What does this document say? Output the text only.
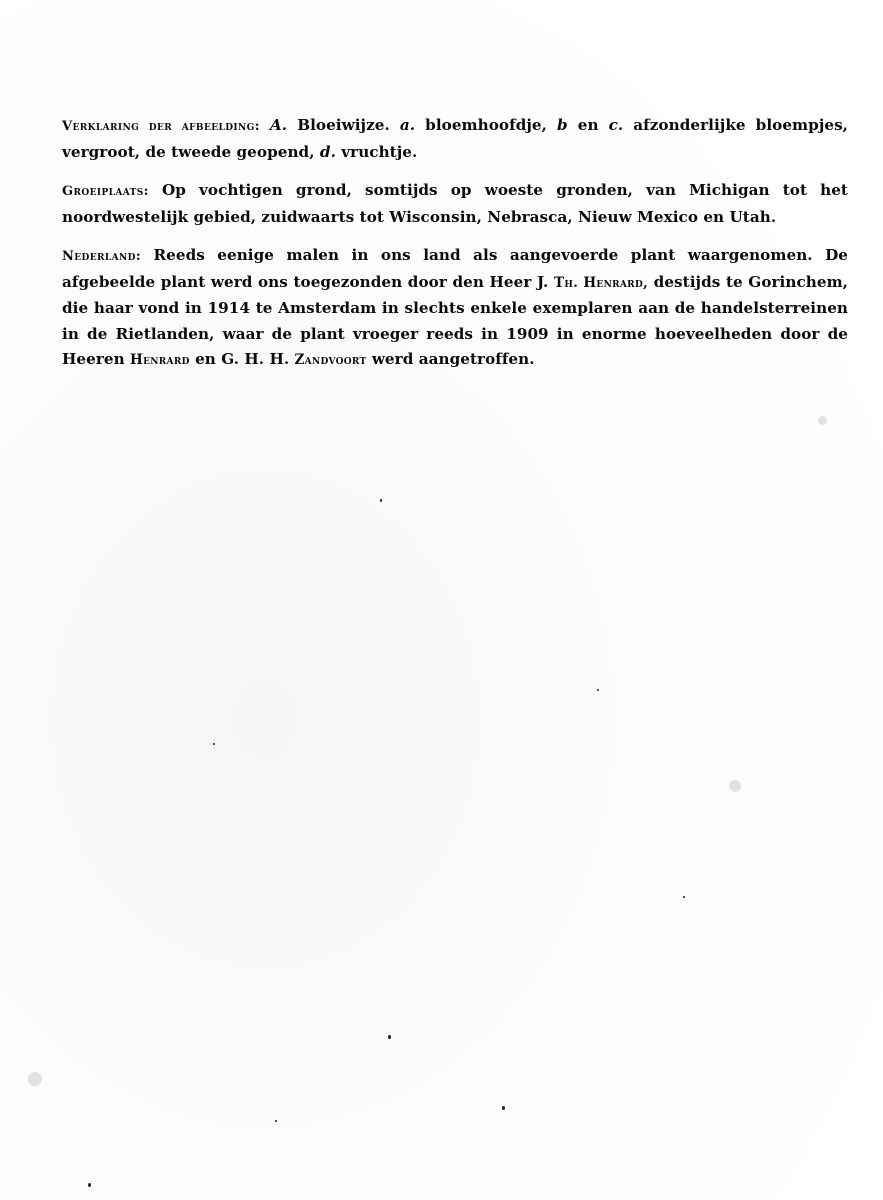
Verklaring der afbeelding: A. Bloeiwijze. a. bloemhoofdje, b en c. afzonderlijke bloempjes, vergroot, de tweede geopend, d. vruchtje.

Groeiplaats: Op vochtigen grond, somtijds op woeste gronden, van Michigan tot het noordwestelijk gebied, zuidwaarts tot Wisconsin, Nebrasca, Nieuw Mexico en Utah.

Nederland: Reeds eenige malen in ons land als aangevoerde plant waargenomen. De afgebeelde plant werd ons toegezonden door den Heer J. Th. Henrard, destijds te Gorinchem, die haar vond in 1914 te Amsterdam in slechts enkele exemplaren aan de handelsterreinen in de Rietlanden, waar de plant vroeger reeds in 1909 in enorme hoeveelheden door de Heeren Henrard en G. H. H. Zandvoort werd aangetroffen.
